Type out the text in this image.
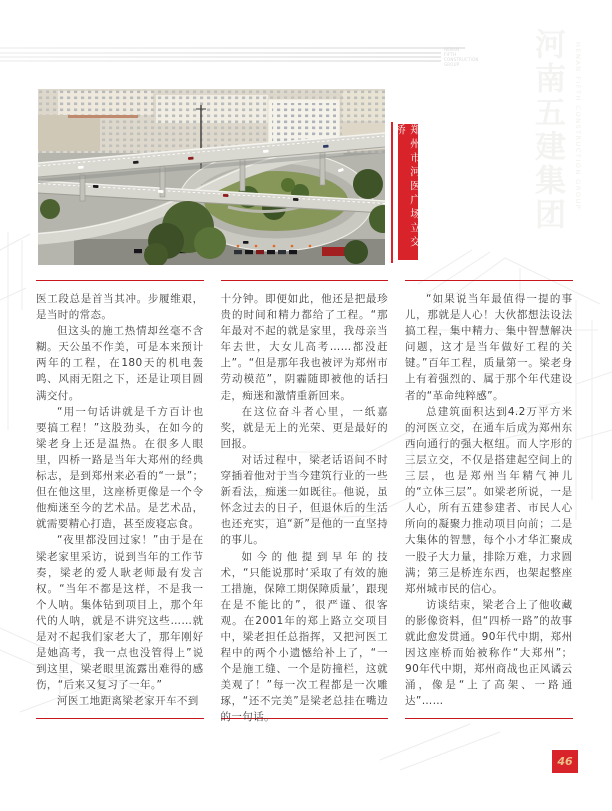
HENAN FIFTH
CONSTRUCTION
GROUP 河南五建集团	HENAN FIFTH CONSTRUCTION GROUP
郑州市河医广场立交桥

医工段总是首当其冲。步履维艰，是当时的常态。

但这头的施工热情却丝毫不含糊。天公虽不作美，可是本来预计两年的工程，在180天的机电轰鸣、风雨无阻之下，还是让项目圆满交付。

“用一句话讲就是千方百计也要搞工程！”这股劲头，在如今的梁老身上还是温热。在很多人眼里，四桥一路是当年大郑州的经典标志，是到郑州来必看的“一景”；但在他这里，这座桥更像是一个令他痴迷至今的艺术品。是艺术品，就需要精心打造，甚至废寝忘食。

“夜里都没回过家！”由于是在梁老家里采访，说到当年的工作节奏，梁老的爱人耿老师最有发言权。“当年不都是这样，不是我一个人呐。集体钻到项目上，那个年代的人呐，就是不讲究这些……就是对不起我们家老大了，那年刚好是她高考，我一点也没管得上”说到这里，梁老眼里流露出难得的感伤，“后来又复习了一年。”

河医工地距离梁老家开车不到

十分钟。即便如此，他还是把最珍贵的时间和精力都给了工程。“那年最对不起的就是家里，我母亲当年去世，大女儿高考……都没赶上”。“但是那年我也被评为郑州市劳动模范”，阴霾随即被他的话扫走，痴迷和激情重新回来。

在这位奋斗者心里，一纸嘉奖，就是无上的光荣、更是最好的回报。

对话过程中，梁老话语间不时穿插着他对于当今建筑行业的一些新看法，痴迷一如既往。他说，虽怀念过去的日子，但退休后的生活也还充实，追“新”是他的一直坚持的事儿。

如今的他提到早年的技术，“只能说那时‘采取了有效的施工措施，保障工期保障质量’，跟现在是不能比的”，很严谨、很客观。在2001年的郑上路立交项目中，梁老担任总指挥，又把河医工程中的两个小遗憾给补上了，“一个是施工缝、一个是防撞栏，这就美观了！”每一次工程都是一次雕琢，“还不完美”是梁老总挂在嘴边的一句话。

“如果说当年最值得一提的事儿，那就是人心！大伙都想法设法搞工程，集中精力、集中智慧解决问题，这才是当年做好工程的关键。”百年工程，质量第一。梁老身上有着强烈的、属于那个年代建设者的“革命纯粹感”。

总建筑面积达到4.2万平方米的河医立交，在通车后成为郑州东西向通行的强大枢纽。而人字形的三层立交，不仅是搭建起空间上的三层，也是郑州当年精气神儿的“立体三层”。如梁老所说，一是人心，所有五建参建者、市民人心所向的凝聚力推动项目向前；二是大集体的智慧，每个小才华汇聚成一股子大力量，排除万难，力求圆满；第三是桥连东西，也架起整座郑州城市民的信心。

访谈结束，梁老合上了他收藏的影像资料，但“四桥一路”的故事就此愈发贯通。90年代中期，郑州因这座桥而始被称作“大郑州”；90年代中期，郑州商战也正风谲云涌，像是“上了高架、一路通达”……

46
